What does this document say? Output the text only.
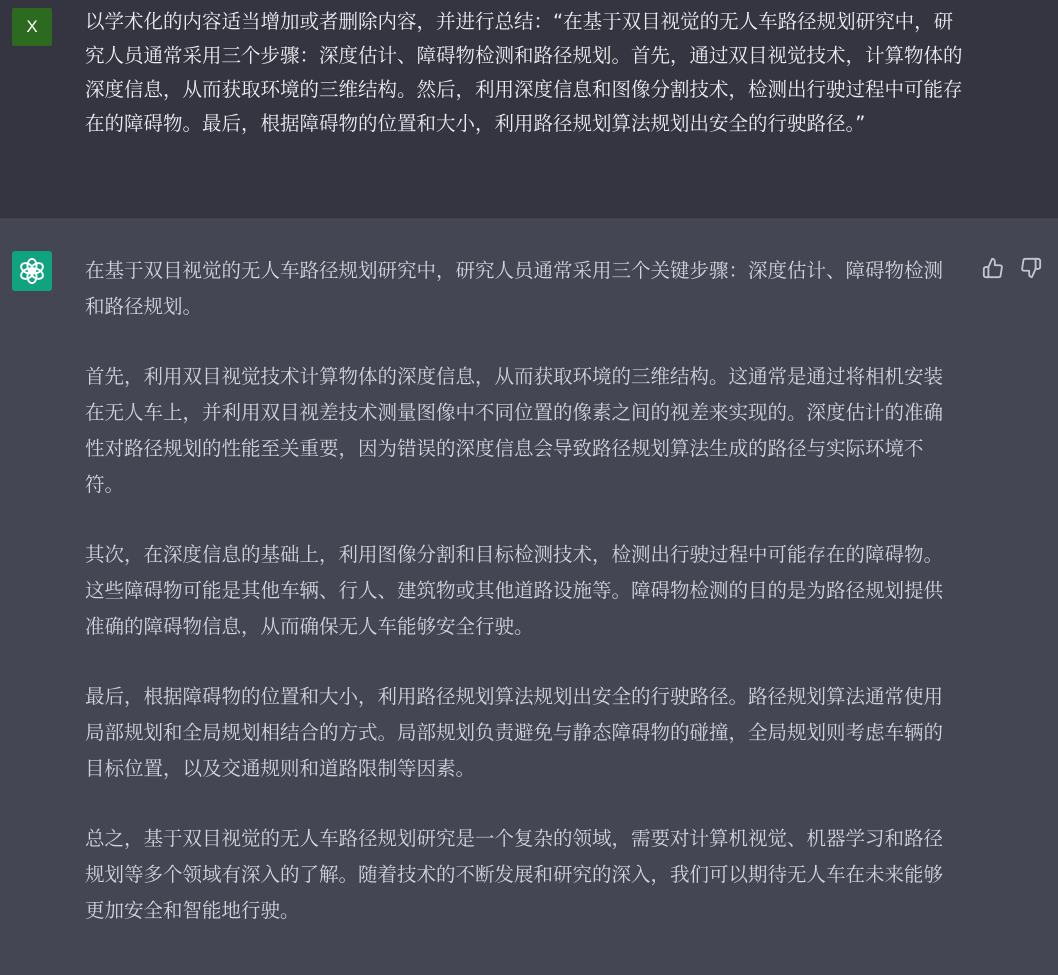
X	以学术化的内容适当增加或者删除内容，并进行总结：“在基于双目视觉的无人车路径规划研究中，研究人员通常采用三个步骤：深度估计、障碍物检测和路径规划。首先，通过双目视觉技术，计算物体的深度信息，从而获取环境的三维结构。然后，利用深度信息和图像分割技术，检测出行驶过程中可能存在的障碍物。最后，根据障碍物的位置和大小，利用路径规划算法规划出安全的行驶路径。”

在基于双目视觉的无人车路径规划研究中，研究人员通常采用三个关键步骤：深度估计、障碍物检测和路径规划。

首先，利用双目视觉技术计算物体的深度信息，从而获取环境的三维结构。这通常是通过将相机安装在无人车上，并利用双目视差技术测量图像中不同位置的像素之间的视差来实现的。深度估计的准确性对路径规划的性能至关重要，因为错误的深度信息会导致路径规划算法生成的路径与实际环境不符。

其次，在深度信息的基础上，利用图像分割和目标检测技术，检测出行驶过程中可能存在的障碍物。这些障碍物可能是其他车辆、行人、建筑物或其他道路设施等。障碍物检测的目的是为路径规划提供准确的障碍物信息，从而确保无人车能够安全行驶。

最后，根据障碍物的位置和大小，利用路径规划算法规划出安全的行驶路径。路径规划算法通常使用局部规划和全局规划相结合的方式。局部规划负责避免与静态障碍物的碰撞，全局规划则考虑车辆的目标位置，以及交通规则和道路限制等因素。

总之，基于双目视觉的无人车路径规划研究是一个复杂的领域，需要对计算机视觉、机器学习和路径规划等多个领域有深入的了解。随着技术的不断发展和研究的深入，我们可以期待无人车在未来能够更加安全和智能地行驶。
